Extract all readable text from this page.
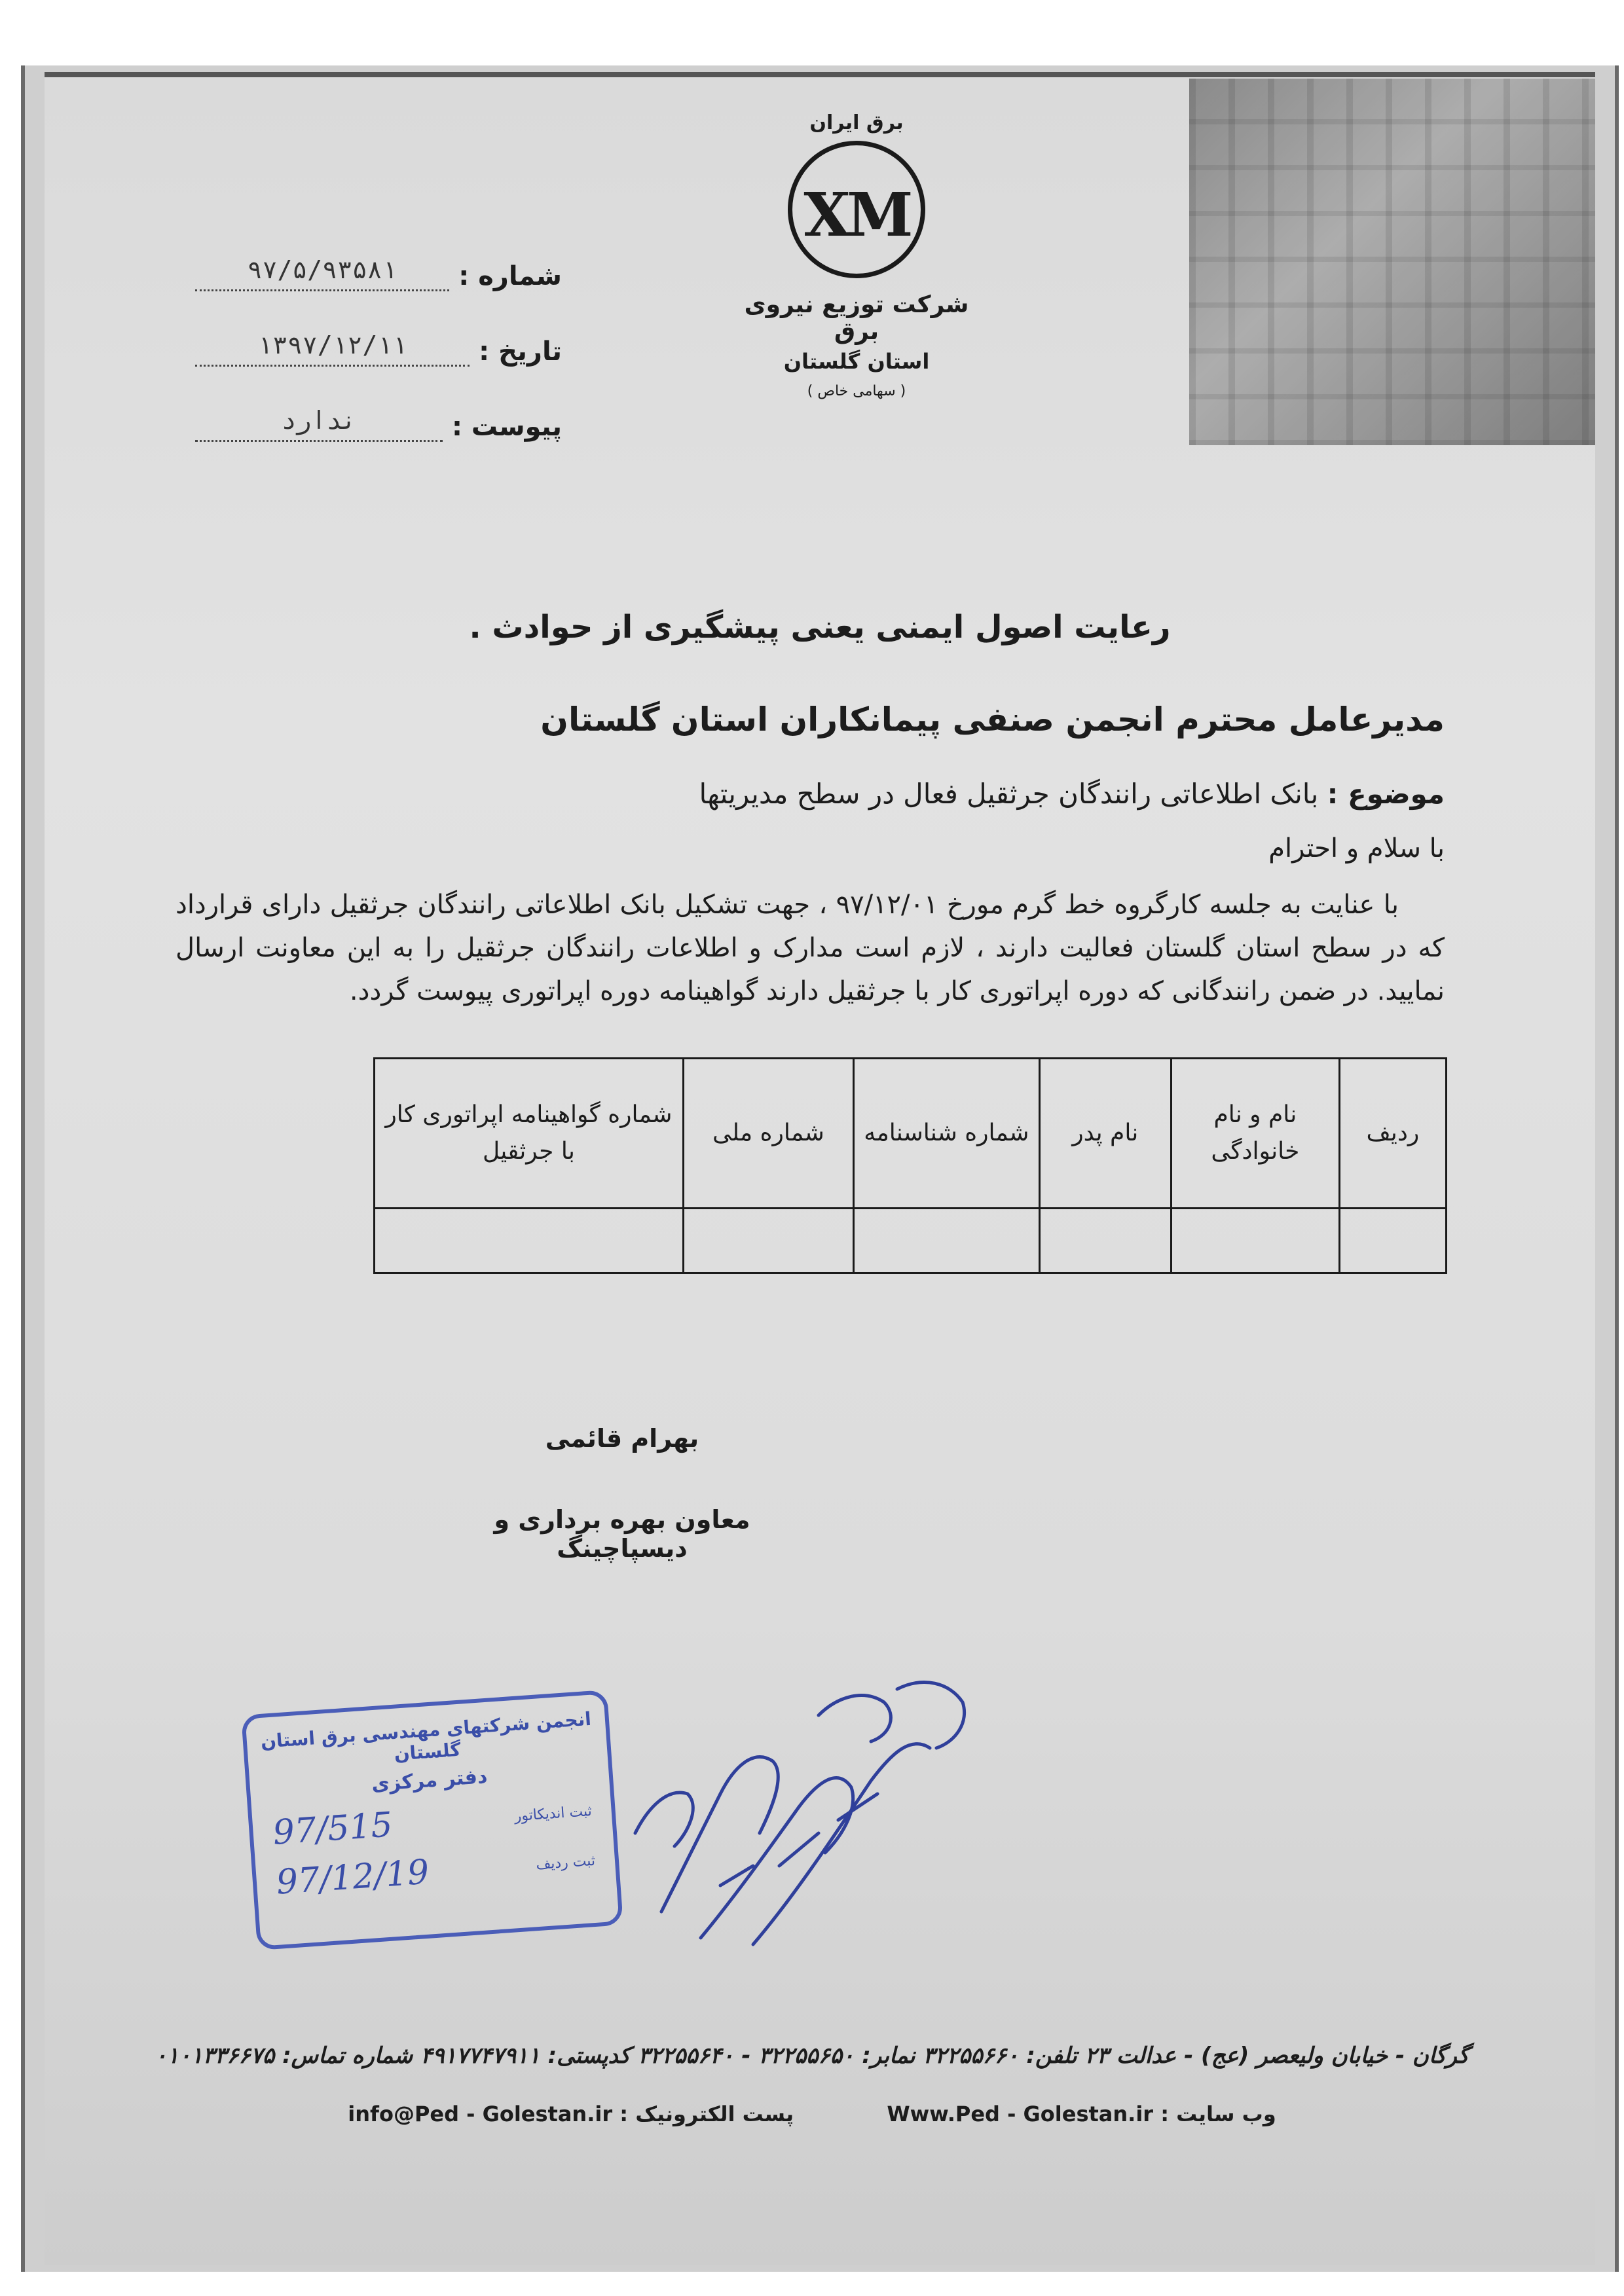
برق ایران
XM
شرکت توزیع نیروی برق
استان گلستان
( سهامی خاص )
شماره :
۹۷/۵/۹۳۵۸۱
تاریخ :
۱۳۹۷/۱۲/۱۱
پیوست :
ندارد
رعایت اصول ایمنی یعنی پیشگیری از حوادث .

مدیرعامل محترم انجمن صنفی پیمانکاران استان گلستان

موضوع : بانک اطلاعاتی رانندگان جرثقیل فعال در سطح مدیریتها

با سلام و احترام

با عنایت به جلسه کارگروه خط گرم مورخ ۹۷/۱۲/۰۱ ، جهت تشکیل بانک اطلاعاتی رانندگان جرثقیل دارای قرارداد که در سطح استان گلستان فعالیت دارند ، لازم است مدارک و اطلاعات رانندگان جرثقیل را به این معاونت ارسال نمایید. در ضمن رانندگانی که دوره اپراتوری کار با جرثقیل دارند گواهینامه دوره اپراتوری پیوست گردد.

ردیف	نام و نام خانوادگی	نام پدر	شماره شناسنامه	شماره ملی	شماره گواهینامه اپراتوری کار با جرثقیل

بهرام قائمی
معاون بهره برداری و دیسپاچینگ
انجمن شرکتهای مهندسی برق استان گلستان
دفتر مرکزی
ثبت اندیکاتور
97/515
ثبت ردیف
97/12/19
گرگان - خیابان ولیعصر (عج) - عدالت ۲۳ تلفن: ۳۲۲۵۵۶۶۰ نمابر: ۳۲۲۵۵۶۵۰ - ۳۲۲۵۵۶۴۰ کدپستی: ۴۹۱۷۷۴۷۹۱۱ شماره تماس: ۰۱۰۱۳۳۶۶۷۵
وب سایت : Www.Ped - Golestan.ir  پست الکترونیک : info@Ped - Golestan.ir
